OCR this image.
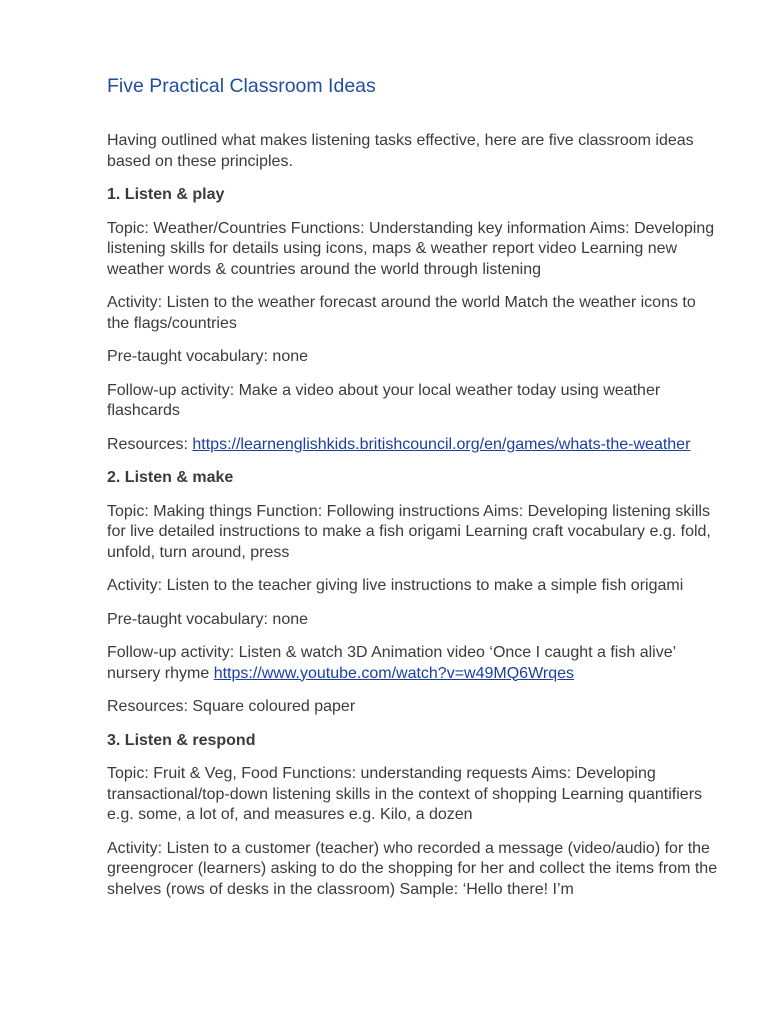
Five Practical Classroom Ideas

Having outlined what makes listening tasks effective, here are five classroom ideas based on these principles.

1. Listen & play

Topic: Weather/Countries Functions: Understanding key information Aims: Developing listening skills for details using icons, maps & weather report video Learning new weather words & countries around the world through listening

Activity: Listen to the weather forecast around the world Match the weather icons to the flags/countries

Pre-taught vocabulary: none

Follow-up activity: Make a video about your local weather today using weather flashcards

Resources: https://learnenglishkids.britishcouncil.org/en/games/whats-the-weather

2. Listen & make

Topic: Making things Function: Following instructions Aims: Developing listening skills for live detailed instructions to make a fish origami Learning craft vocabulary e.g. fold, unfold, turn around, press

Activity: Listen to the teacher giving live instructions to make a simple fish origami

Pre-taught vocabulary: none

Follow-up activity: Listen & watch 3D Animation video ‘Once I caught a fish alive’ nursery rhyme https://www.youtube.com/watch?v=w49MQ6Wrqes

Resources: Square coloured paper

3. Listen & respond

Topic: Fruit & Veg, Food Functions: understanding requests Aims: Developing transactional/top-down listening skills in the context of shopping Learning quantifiers e.g. some, a lot of, and measures e.g. Kilo, a dozen

Activity: Listen to a customer (teacher) who recorded a message (video/audio) for the greengrocer (learners) asking to do the shopping for her and collect the items from the shelves (rows of desks in the classroom) Sample: ‘Hello there! I’m
